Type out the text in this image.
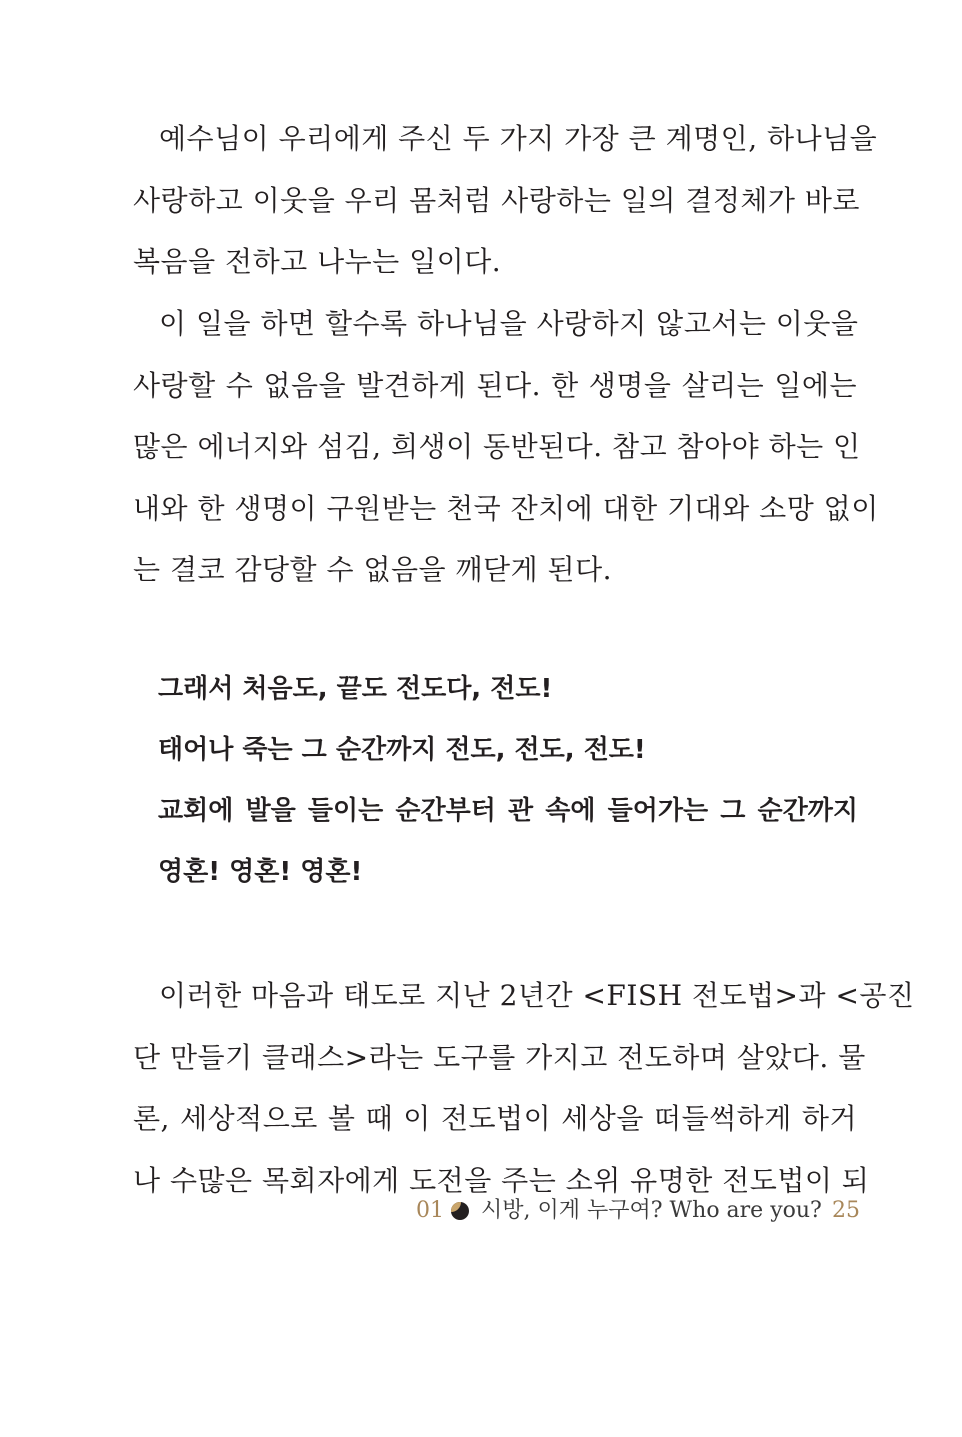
예수님이 우리에게 주신 두 가지 가장 큰 계명인, 하나님을
사랑하고 이웃을 우리 몸처럼 사랑하는 일의 결정체가 바로
복음을 전하고 나누는 일이다.
이 일을 하면 할수록 하나님을 사랑하지 않고서는 이웃을
사랑할 수 없음을 발견하게 된다. 한 생명을 살리는 일에는
많은 에너지와 섬김, 희생이 동반된다. 참고 참아야 하는 인
내와 한 생명이 구원받는 천국 잔치에 대한 기대와 소망 없이
는 결코 감당할 수 없음을 깨닫게 된다.
그래서 처음도, 끝도 전도다, 전도!
태어나 죽는 그 순간까지 전도, 전도, 전도!
교회에 발을 들이는 순간부터 관 속에 들어가는 그 순간까지
영혼! 영혼! 영혼!
이러한 마음과 태도로 지난 2년간 <FISH 전도법>과 <공진
단 만들기 클래스>라는 도구를 가지고 전도하며 살았다. 물
론, 세상적으로 볼 때 이 전도법이 세상을 떠들썩하게 하거
나 수많은 목회자에게 도전을 주는 소위 유명한 전도법이 되
01 시방, 이게 누구여? Who are you? 25
